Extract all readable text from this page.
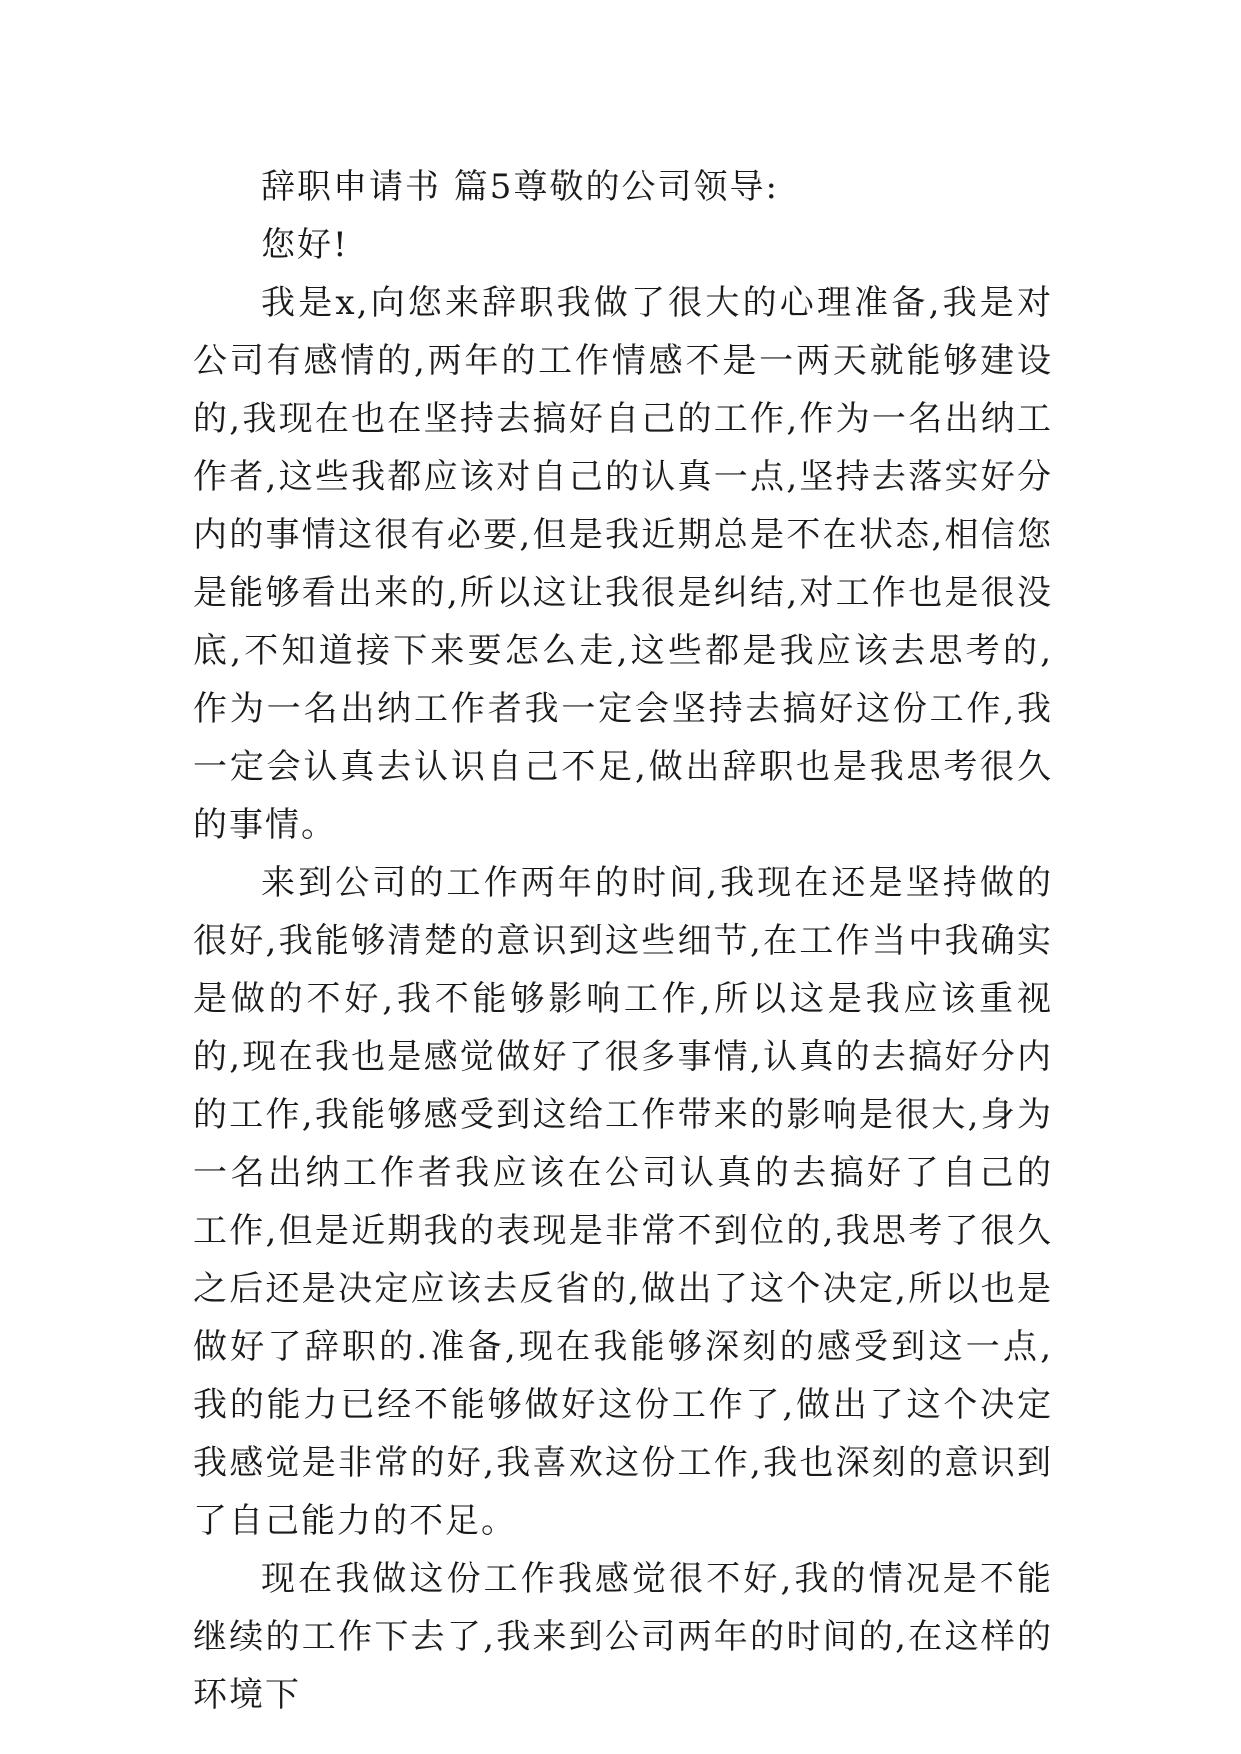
辞职申请书 篇5尊敬的公司领导:

您好!

我是x,向您来辞职我做了很大的心理准备,我是对公司有感情的,两年的工作情感不是一两天就能够建设的,我现在也在坚持去搞好自己的工作,作为一名出纳工作者,这些我都应该对自己的认真一点,坚持去落实好分内的事情这很有必要,但是我近期总是不在状态,相信您是能够看出来的,所以这让我很是纠结,对工作也是很没底,不知道接下来要怎么走,这些都是我应该去思考的,作为一名出纳工作者我一定会坚持去搞好这份工作,我一定会认真去认识自己不足,做出辞职也是我思考很久的事情。

来到公司的工作两年的时间,我现在还是坚持做的很好,我能够清楚的意识到这些细节,在工作当中我确实是做的不好,我不能够影响工作,所以这是我应该重视的,现在我也是感觉做好了很多事情,认真的去搞好分内的工作,我能够感受到这给工作带来的影响是很大,身为一名出纳工作者我应该在公司认真的去搞好了自己的工作,但是近期我的表现是非常不到位的,我思考了很久之后还是决定应该去反省的,做出了这个决定,所以也是做好了辞职的.准备,现在我能够深刻的感受到这一点,我的能力已经不能够做好这份工作了,做出了这个决定我感觉是非常的好,我喜欢这份工作,我也深刻的意识到了自己能力的不足。

现在我做这份工作我感觉很不好,我的情况是不能继续的工作下去了,我来到公司两年的时间的,在这样的环境下
